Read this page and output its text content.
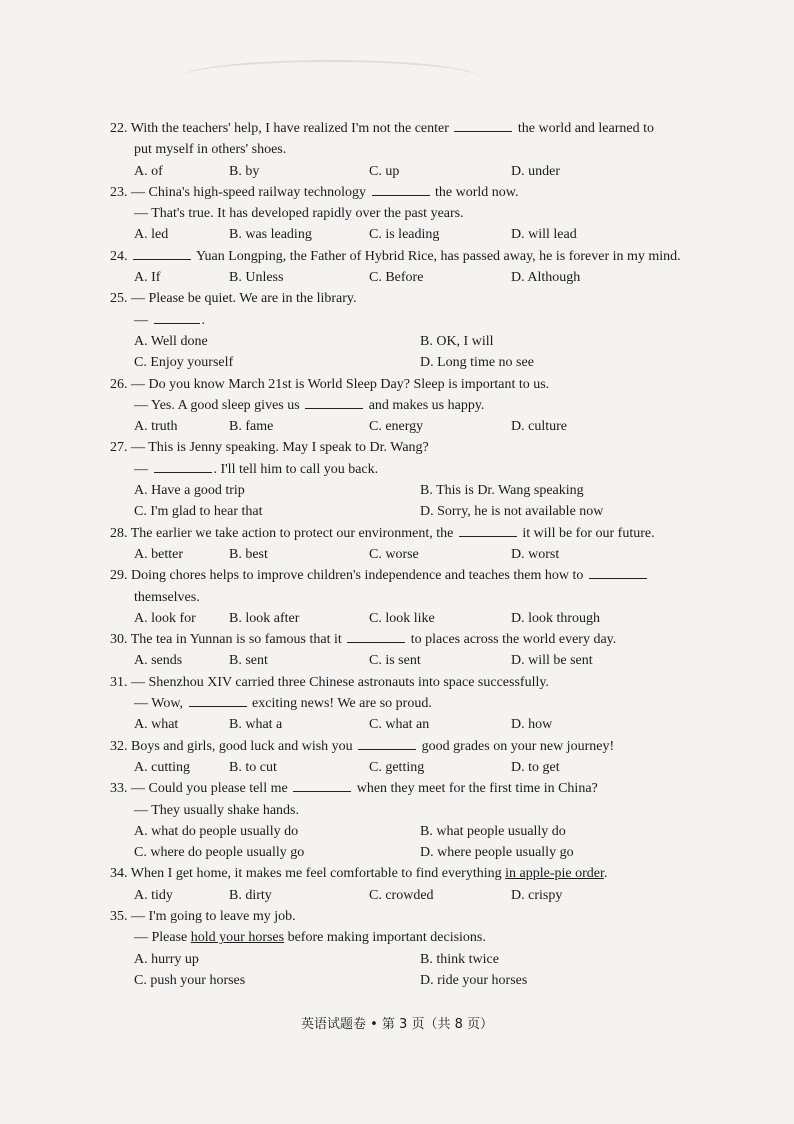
22. With the teachers' help, I have realized I'm not the center	the world and learned to
put myself in others' shoes.
A. of	B. by	C. up	D. under
23. — China's high-speed railway technology	the world now.
— That's true. It has developed rapidly over the past years.
A. led	B. was leading	C. is leading	D. will lead
24.	Yuan Longping, the Father of Hybrid Rice, has passed away, he is forever in my mind.
A. If	B. Unless	C. Before	D. Although
25. — Please be quiet. We are in the library.
—	.
A. Well done	B. OK, I will
C. Enjoy yourself	D. Long time no see
26. — Do you know March 21st is World Sleep Day? Sleep is important to us.
— Yes. A good sleep gives us	and makes us happy.
A. truth	B. fame	C. energy	D. culture
27. — This is Jenny speaking. May I speak to Dr. Wang?
—	. I'll tell him to call you back.
A. Have a good trip	B. This is Dr. Wang speaking
C. I'm glad to hear that	D. Sorry, he is not available now
28. The earlier we take action to protect our environment, the	it will be for our future.
A. better	B. best	C. worse	D. worst
29. Doing chores helps to improve children's independence and teaches them how to
themselves.
A. look for	B. look after	C. look like	D. look through
30. The tea in Yunnan is so famous that it	to places across the world every day.
A. sends	B. sent	C. is sent	D. will be sent
31. — Shenzhou XIV carried three Chinese astronauts into space successfully.
— Wow,	exciting news! We are so proud.
A. what	B. what a	C. what an	D. how
32. Boys and girls, good luck and wish you	good grades on your new journey!
A. cutting	B. to cut	C. getting	D. to get
33. — Could you please tell me	when they meet for the first time in China?
— They usually shake hands.
A. what do people usually do	B. what people usually do
C. where do people usually go	D. where people usually go
34. When I get home, it makes me feel comfortable to find everything in apple-pie order.
A. tidy	B. dirty	C. crowded	D. crispy
35. — I'm going to leave my job.
— Please hold your horses before making important decisions.
A. hurry up	B. think twice
C. push your horses	D. ride your horses
英语试题卷 • 第 3 页（共 8 页）
